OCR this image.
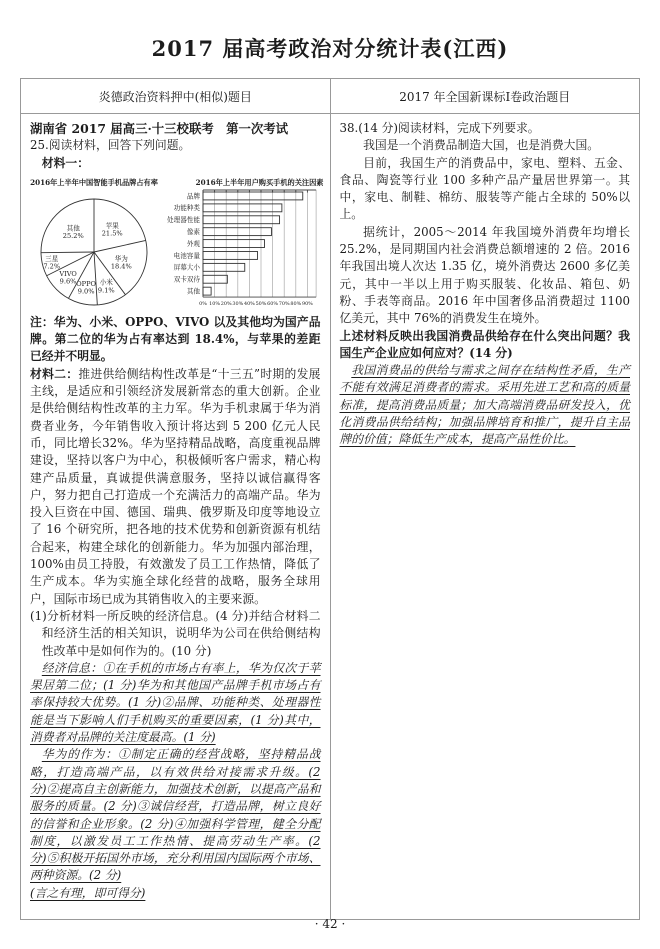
2017 届高考政治对分统计表(江西)
炎德政治资料押中(相似)题目	2017 年全国新课标Ⅰ卷政治题目

湖南省 2017 届高三·十三校联考　第一次考试

25.阅读材料，回答下列问题。

材料一：

2016年上半年中国智能手机品牌占有率
苹果
21.5%
华为
18.4%
小米
9.1%
OPPO
9.0%
VIVO
9.6%
三星
7.2%
其他
25.2%
2016年上半年用户购买手机的关注因素
0% 10% 20% 30% 40% 50% 60% 70% 80% 90%
品牌
功能种类
处理器性能
像素
外观
电池容量
屏幕大小
双卡双待
其他

注：华为、小米、OPPO、VIVO 以及其他均为国产品牌。第二位的华为占有率达到 18.4%，与苹果的差距已经并不明显。

材料二：推进供给侧结构性改革是“十三五”时期的发展主线，是适应和引领经济发展新常态的重大创新。企业是供给侧结构性改革的主力军。华为手机隶属于华为消费者业务，今年销售收入预计将达到 5 200 亿元人民币，同比增长32%。华为坚持精品战略，高度重视品牌建设，坚持以客户为中心，积极倾听客户需求，精心构建产品质量，真诚提供满意服务，坚持以诚信赢得客户，努力把自己打造成一个充满活力的高端产品。华为投入巨资在中国、德国、瑞典、俄罗斯及印度等地设立了 16 个研究所，把各地的技术优势和创新资源有机结合起来，构建全球化的创新能力。华为加强内部治理，100%由员工持股，有效激发了员工工作热情，降低了生产成本。华为实施全球化经营的战略，服务全球用户，国际市场已成为其销售收入的主要来源。

(1)分析材料一所反映的经济信息。(4 分)并结合材料二和经济生活的相关知识，说明华为公司在供给侧结构性改革中是如何作为的。(10 分)

经济信息：①在手机的市场占有率上，华为仅次于苹果居第二位；(1 分)华为和其他国产品牌手机市场占有率保持较大优势。(1 分)②品牌、功能种类、处理器性能是当下影响人们手机购买的重要因素，(1 分)其中，消费者对品牌的关注度最高。(1 分)

华为的作为：①制定正确的经营战略，坚持精品战略，打造高端产品，以有效供给对接需求升级。(2 分)②提高自主创新能力，加强技术创新，以提高产品和服务的质量。(2 分)③诚信经营，打造品牌，树立良好的信誉和企业形象。(2 分)④加强科学管理，健全分配制度，以激发员工工作热情、提高劳动生产率。(2 分)⑤积极开拓国外市场，充分利用国内国际两个市场、两种资源。(2 分)

(言之有理，即可得分)

38.(14 分)阅读材料，完成下列要求。

我国是一个消费品制造大国，也是消费大国。

目前，我国生产的消费品中，家电、塑料、五金、食品、陶瓷等行业 100 多种产品产量居世界第一。其中，家电、制鞋、棉纺、服装等产能占全球的 50%以上。

据统计，2005～2014 年我国境外消费年均增长 25.2%，是同期国内社会消费总额增速的 2 倍。2016 年我国出境人次达 1.35 亿，境外消费达 2600 多亿美元，其中一半以上用于购买服装、化妆品、箱包、奶粉、手表等商品。2016 年中国奢侈品消费超过 1100 亿美元，其中 76%的消费发生在境外。

上述材料反映出我国消费品供给存在什么突出问题？我国生产企业应如何应对？(14 分)

我国消费品的供给与需求之间存在结构性矛盾，生产不能有效满足消费者的需求。采用先进工艺和高的质量标准，提高消费品质量；加大高端消费品研发投入，优化消费品供给结构；加强品牌培育和推广，提升自主品牌的价值；降低生产成本，提高产品性价比。

· 42 ·
